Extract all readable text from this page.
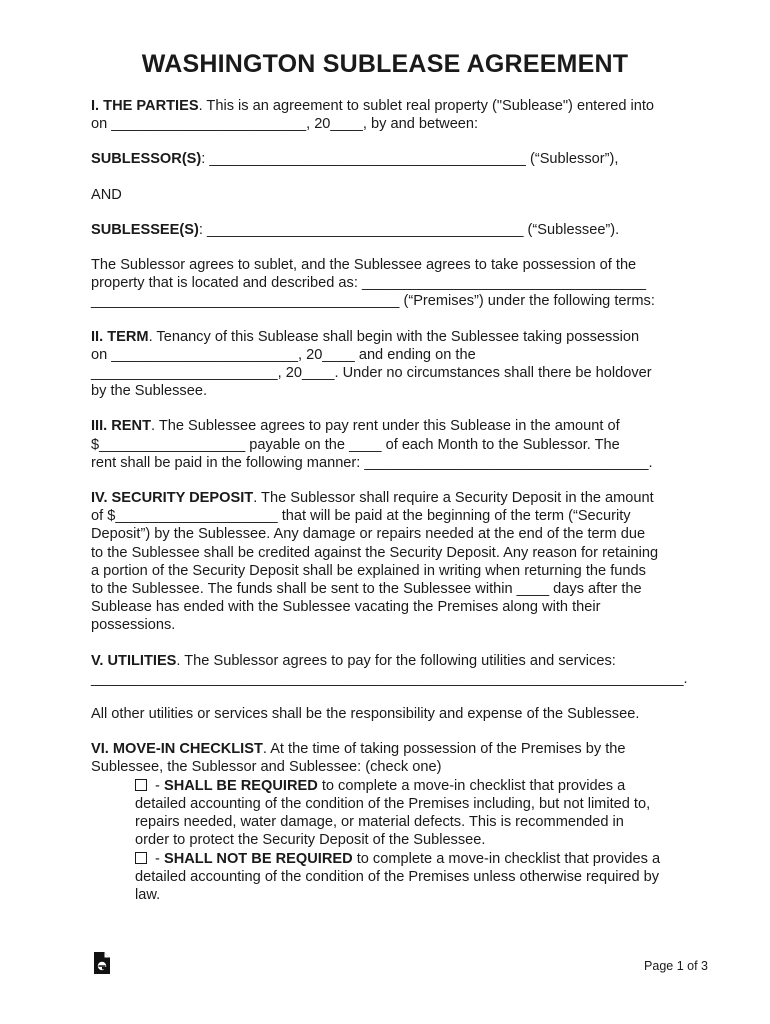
WASHINGTON SUBLEASE AGREEMENT
I. THE PARTIES. This is an agreement to sublet real property ("Sublease") entered into
on ________________________, 20____, by and between:
SUBLESSOR(S): _______________________________________ (“Sublessor”),
AND
SUBLESSEE(S): _______________________________________ (“Sublessee”).
The Sublessor agrees to sublet, and the Sublessee agrees to take possession of the
property that is located and described as: ___________________________________
______________________________________ (“Premises”) under the following terms:
II. TERM. Tenancy of this Sublease shall begin with the Sublessee taking possession
on _______________________, 20____ and ending on the
_______________________, 20____. Under no circumstances shall there be holdover
by the Sublessee.
III. RENT. The Sublessee agrees to pay rent under this Sublease in the amount of
$__________________ payable on the ____ of each Month to the Sublessor. The
rent shall be paid in the following manner: ___________________________________.
IV. SECURITY DEPOSIT. The Sublessor shall require a Security Deposit in the amount
of $____________________ that will be paid at the beginning of the term (“Security
Deposit”) by the Sublessee. Any damage or repairs needed at the end of the term due
to the Sublessee shall be credited against the Security Deposit. Any reason for retaining
a portion of the Security Deposit shall be explained in writing when returning the funds
to the Sublessee. The funds shall be sent to the Sublessee within ____ days after the
Sublease has ended with the Sublessee vacating the Premises along with their
possessions.
V. UTILITIES. The Sublessor agrees to pay for the following utilities and services:
_________________________________________________________________________.
All other utilities or services shall be the responsibility and expense of the Sublessee.
VI. MOVE-IN CHECKLIST. At the time of taking possession of the Premises by the
Sublessee, the Sublessor and Sublessee: (check one)
- SHALL BE REQUIRED to complete a move-in checklist that provides a
detailed accounting of the condition of the Premises including, but not limited to,
repairs needed, water damage, or material defects. This is recommended in
order to protect the Security Deposit of the Sublessee.
- SHALL NOT BE REQUIRED to complete a move-in checklist that provides a
detailed accounting of the condition of the Premises unless otherwise required by
law.
Page 1 of 3
